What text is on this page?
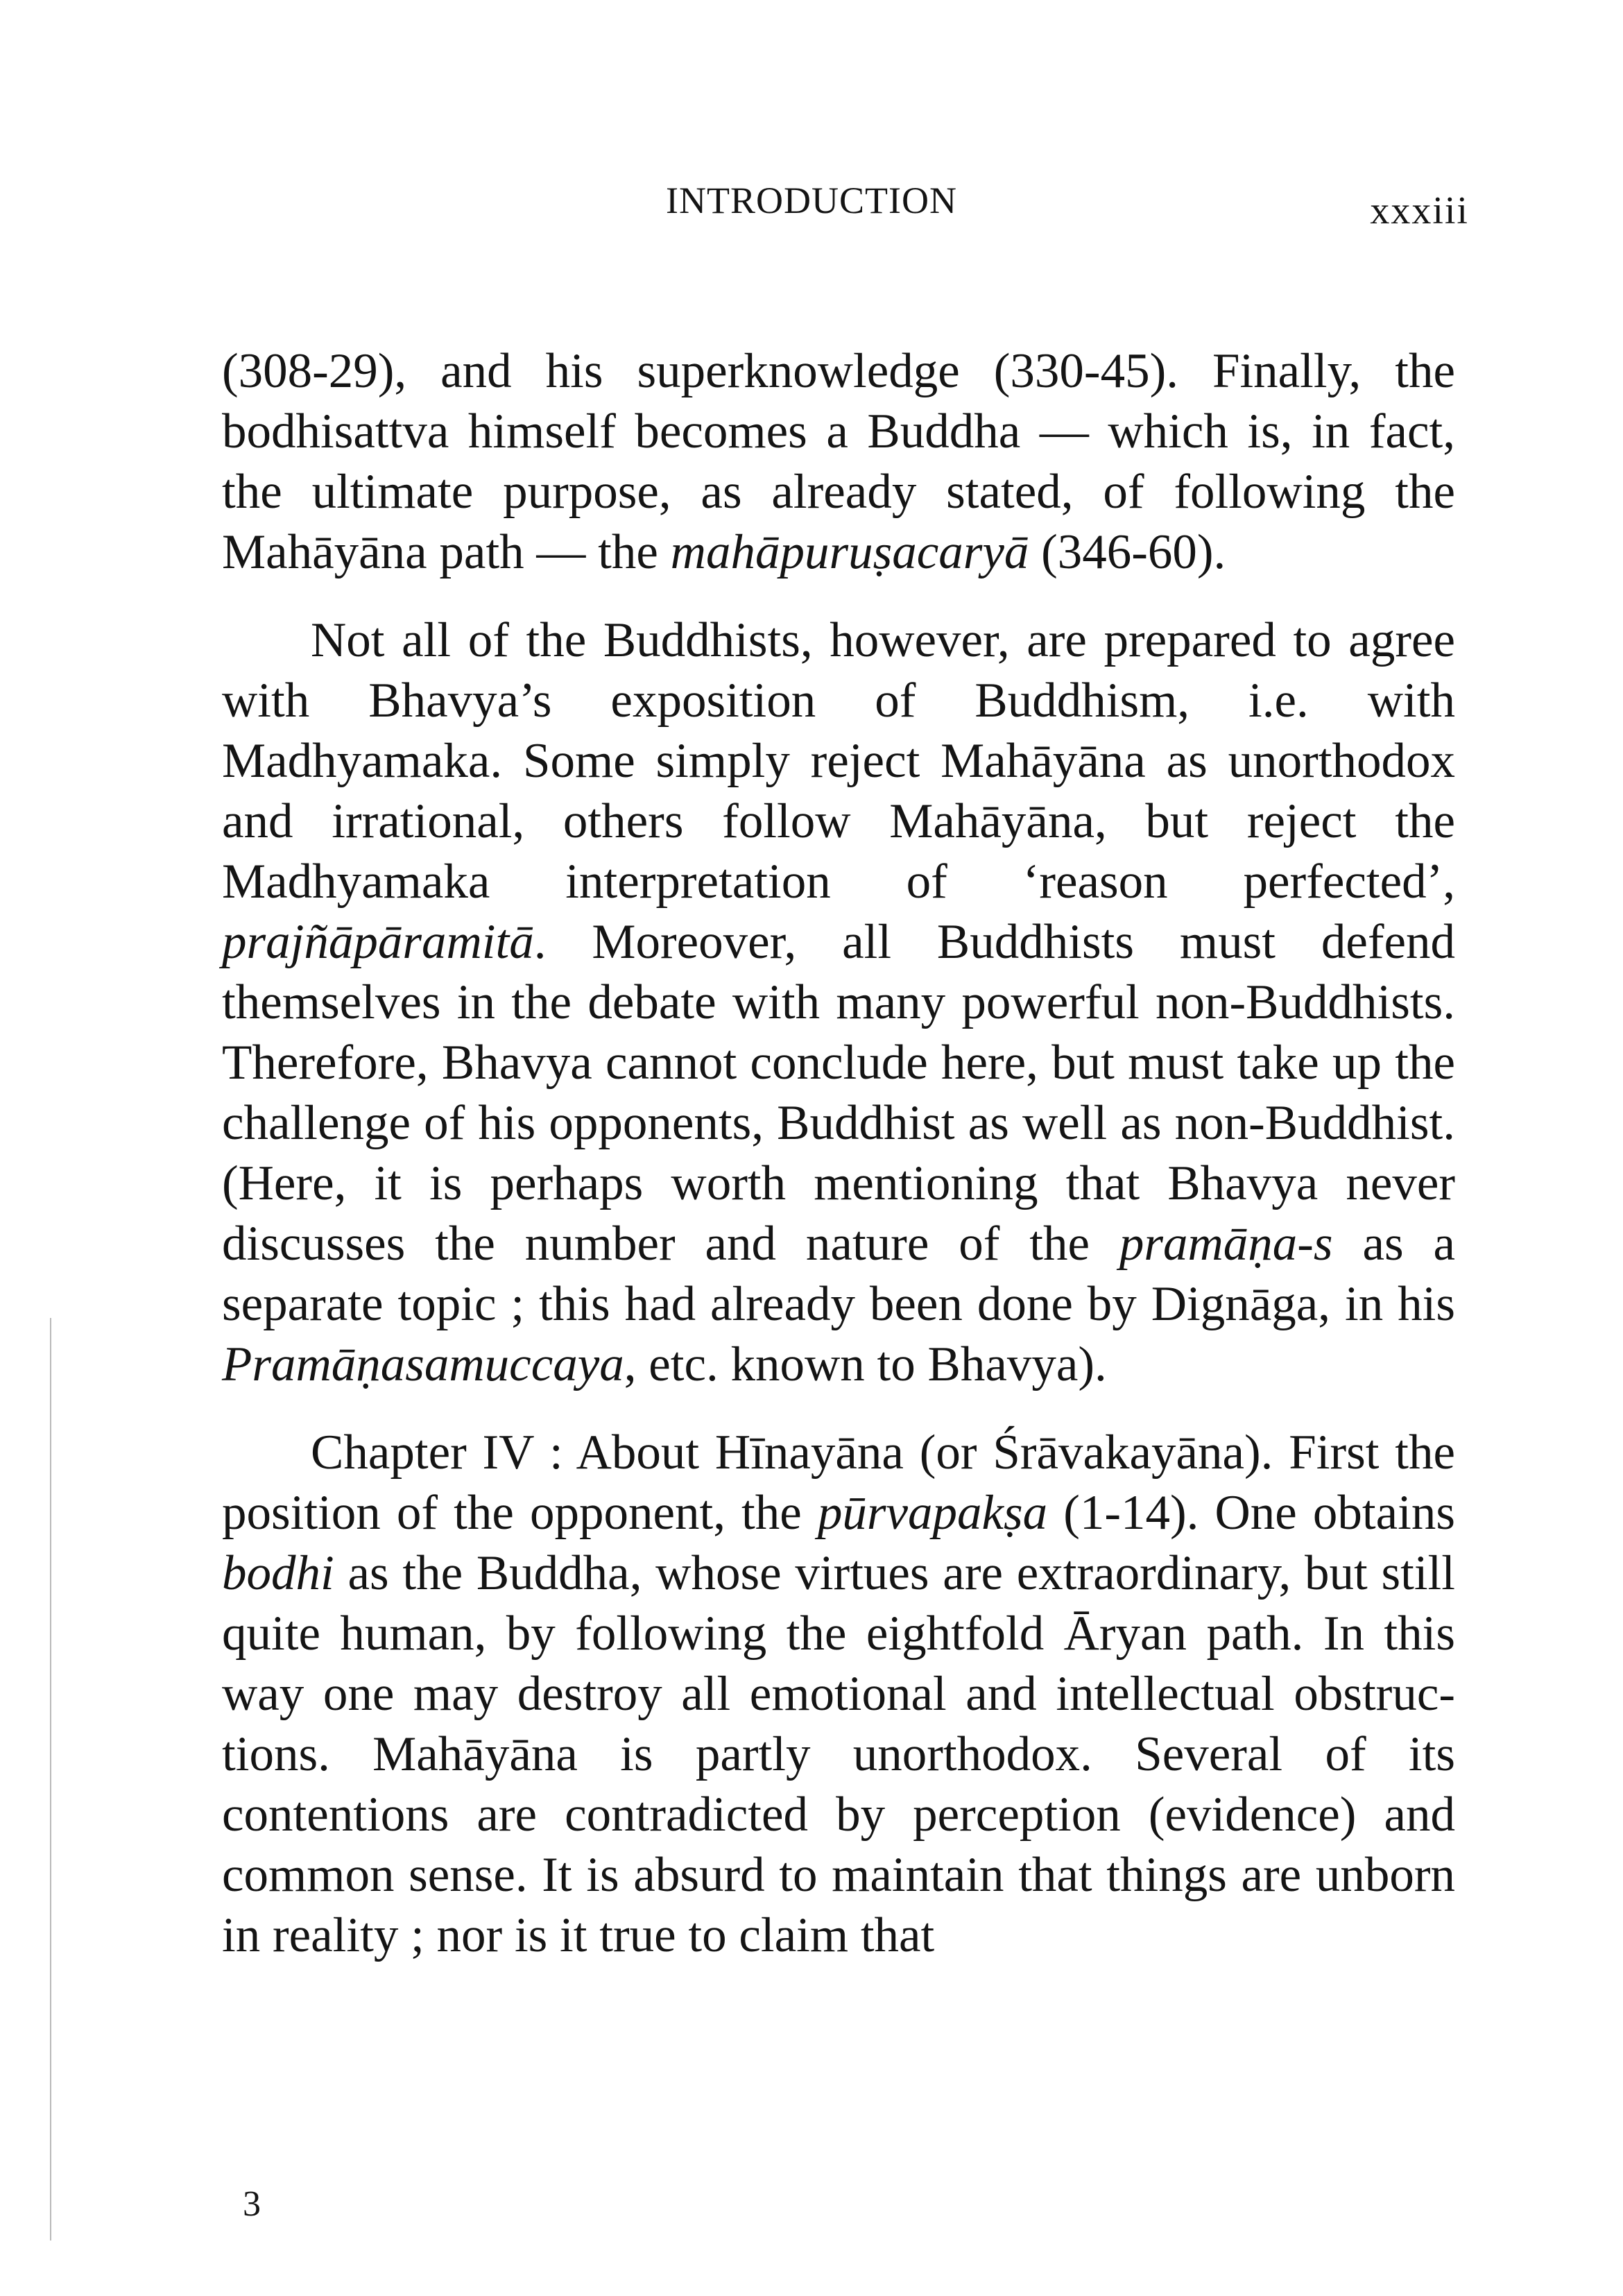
INTRODUCTION	xxxiii

(308-29), and his superknowledge (330-45). Finally, the bodhisattva himself becomes a Buddha — which is, in fact, the ultimate purpose, as already stated, of following the Mahāyāna path — the mahāpuruṣacaryā (346-60).

Not all of the Buddhists, however, are prepared to agree with Bhavya’s exposition of Buddhism, i.e. with Madhyamaka. Some simply reject Mahāyāna as unorthodox and irrational, others follow Mahāyāna, but reject the Madhyamaka interpretation of ‘reason perfected’, prajñāpāramitā. Moreover, all Buddhists must defend themselves in the debate with many powerful non-Buddhists. Therefore, Bhavya cannot conclude here, but must take up the challenge of his opponents, Buddhist as well as non-Buddhist. (Here, it is perhaps worth mentioning that Bhavya never discusses the number and nature of the pramāṇa-s as a separate topic ; this had already been done by Dignāga, in his Pramāṇasamuccaya, etc. known to Bhavya).

Chapter IV : About Hīnayāna (or Śrāvakayāna). First the position of the opponent, the pūrvapakṣa (1-14). One obtains bodhi as the Buddha, whose virtues are extraordinary, but still quite human, by following the eightfold Āryan path. In this way one may destroy all emotional and intellectual obstructions. Mahāyāna is partly unorthodox. Several of its contentions are contradicted by perception (evidence) and common sense. It is absurd to maintain that things are unborn in reality ; nor is it true to claim that

3
